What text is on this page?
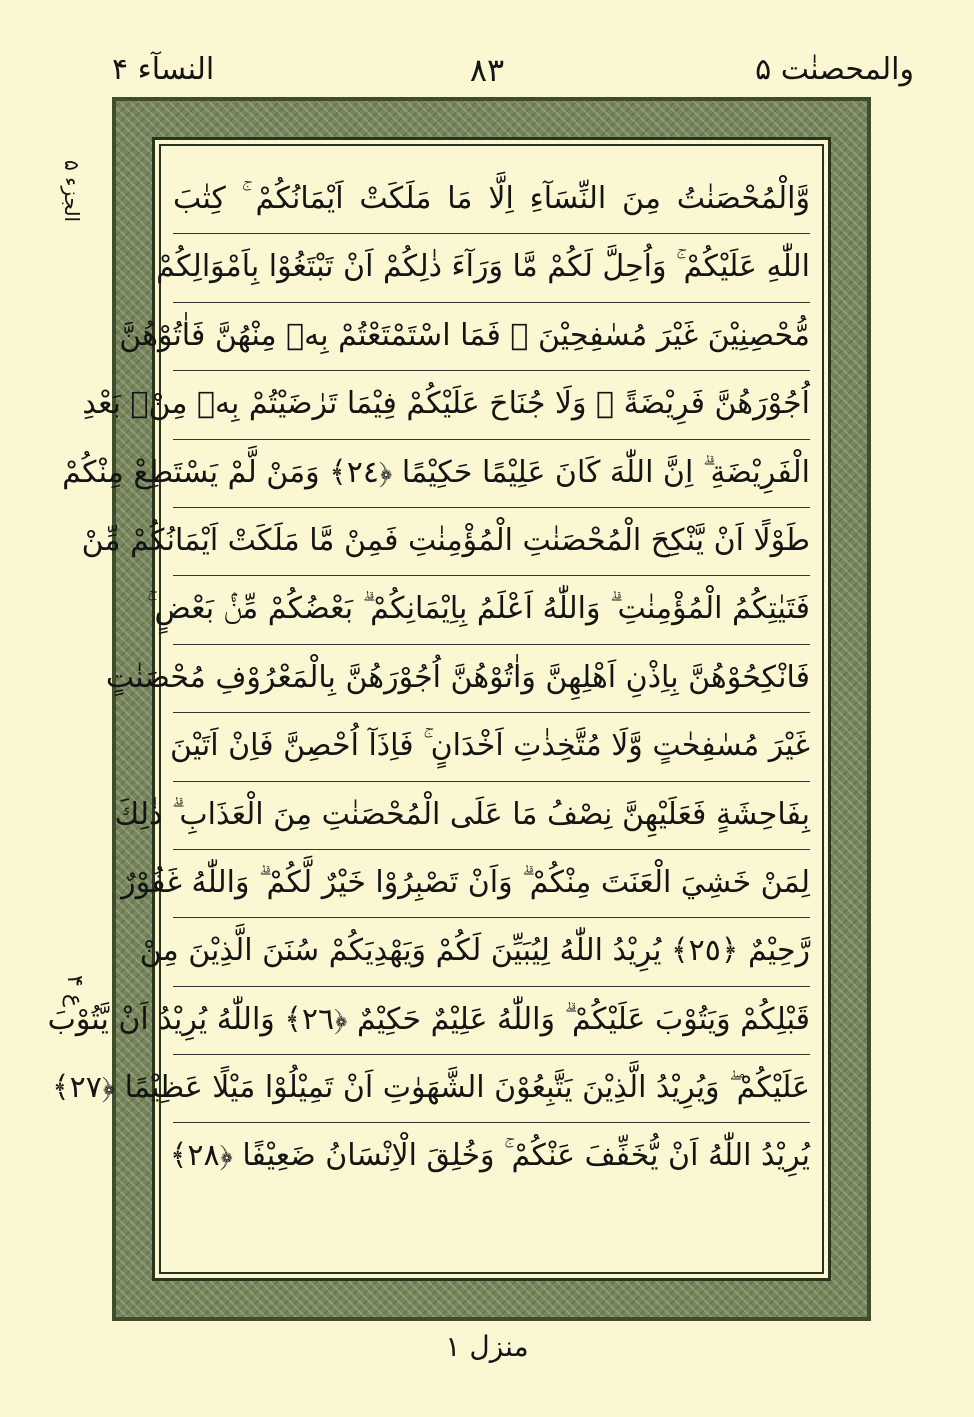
والمحصنٰت ۵
۸۳
النسآء ۴
الجزء ۵
ع ۴
وَّالْمُحْصَنٰتُ مِنَ النِّسَآءِ اِلَّا مَا مَلَكَتْ اَيْمَانُكُمْ ۚ كِتٰبَ
اللّٰهِ عَلَيْكُمْ ۚ وَاُحِلَّ لَكُمْ مَّا وَرَآءَ ذٰلِكُمْ اَنْ تَبْتَغُوْا بِاَمْوَالِكُمْ
مُّحْصِنِيْنَ غَيْرَ مُسٰفِحِيْنَ ۗ فَمَا اسْتَمْتَعْتُمْ بِهٖ مِنْهُنَّ فَاٰتُوْهُنَّ
اُجُوْرَهُنَّ فَرِيْضَةً ۗ وَلَا جُنَاحَ عَلَيْكُمْ فِيْمَا تَرٰضَيْتُمْ بِهٖ مِنْۢ بَعْدِ
الْفَرِيْضَةِ ۗ اِنَّ اللّٰهَ كَانَ عَلِيْمًا حَكِيْمًا ﴿٢٤﴾ وَمَنْ لَّمْ يَسْتَطِعْ مِنْكُمْ
طَوْلًا اَنْ يَّنْكِحَ الْمُحْصَنٰتِ الْمُؤْمِنٰتِ فَمِنْ مَّا مَلَكَتْ اَيْمَانُكُمْ مِّنْ
فَتَيٰتِكُمُ الْمُؤْمِنٰتِ ۗ وَاللّٰهُ اَعْلَمُ بِاِيْمَانِكُمْ ۗ بَعْضُكُمْ مِّنْۢ بَعْضٍ ۚ
فَانْكِحُوْهُنَّ بِاِذْنِ اَهْلِهِنَّ وَاٰتُوْهُنَّ اُجُوْرَهُنَّ بِالْمَعْرُوْفِ مُحْصَنٰتٍ
غَيْرَ مُسٰفِحٰتٍ وَّلَا مُتَّخِذٰتِ اَخْدَانٍ ۚ فَاِذَآ اُحْصِنَّ فَاِنْ اَتَيْنَ
بِفَاحِشَةٍ فَعَلَيْهِنَّ نِصْفُ مَا عَلَى الْمُحْصَنٰتِ مِنَ الْعَذَابِ ۗ ذٰلِكَ
لِمَنْ خَشِيَ الْعَنَتَ مِنْكُمْ ۗ وَاَنْ تَصْبِرُوْا خَيْرٌ لَّكُمْ ۗ وَاللّٰهُ غَفُوْرٌ
رَّحِيْمٌ ﴿٢٥﴾ يُرِيْدُ اللّٰهُ لِيُبَيِّنَ لَكُمْ وَيَهْدِيَكُمْ سُنَنَ الَّذِيْنَ مِنْ
قَبْلِكُمْ وَيَتُوْبَ عَلَيْكُمْ ۗ وَاللّٰهُ عَلِيْمٌ حَكِيْمٌ ﴿٢٦﴾ وَاللّٰهُ يُرِيْدُ اَنْ يَّتُوْبَ
عَلَيْكُمْ ۖ وَيُرِيْدُ الَّذِيْنَ يَتَّبِعُوْنَ الشَّهَوٰتِ اَنْ تَمِيْلُوْا مَيْلًا عَظِيْمًا ﴿٢٧﴾
يُرِيْدُ اللّٰهُ اَنْ يُّخَفِّفَ عَنْكُمْ ۚ وَخُلِقَ الْاِنْسَانُ ضَعِيْفًا ﴿٢٨﴾
منزل ۱
